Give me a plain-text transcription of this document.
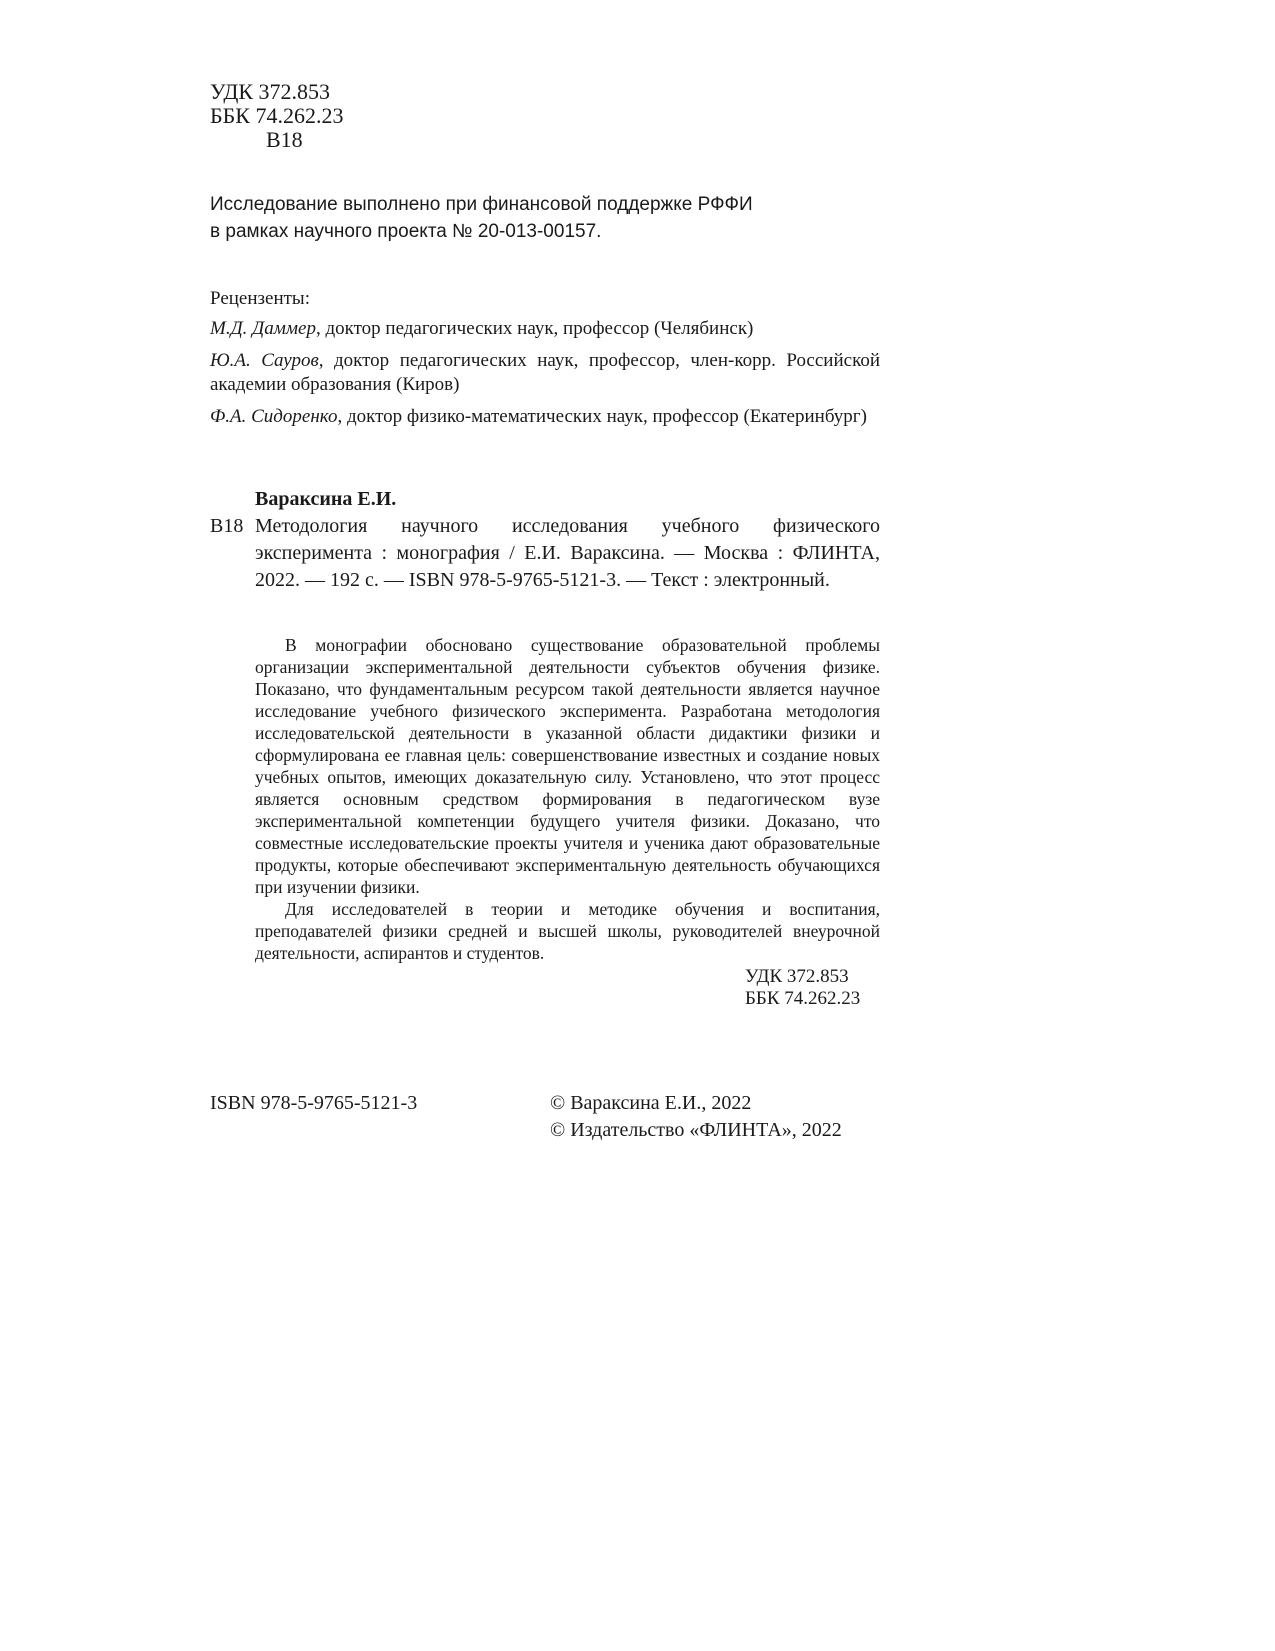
УДК 372.853
ББК 74.262.23
В18
Исследование выполнено при финансовой поддержке РФФИ
в рамках научного проекта № 20-013-00157.
Рецензенты:
М.Д. Даммер, доктор педагогических наук, профессор (Челябинск)
Ю.А. Сауров, доктор педагогических наук, профессор, член-корр. Российской академии образования (Киров)
Ф.А. Сидоренко, доктор физико-математических наук, профессор (Екатеринбург)
Вараксина Е.И.
В18 Методология научного исследования учебного физического эксперимента : монография / Е.И. Вараксина. — Москва : ФЛИНТА, 2022. — 192 с. — ISBN 978-5-9765-5121-3. — Текст : электронный.

В монографии обосновано существование образовательной проблемы организации экспериментальной деятельности субъектов обучения физике. Показано, что фундаментальным ресурсом такой деятельности является научное исследование учебного физического эксперимента. Разработана методология исследовательской деятельности в указанной области дидактики физики и сформулирована ее главная цель: совершенствование известных и создание новых учебных опытов, имеющих доказательную силу. Установлено, что этот процесс является основным средством формирования в педагогическом вузе экспериментальной компетенции будущего учителя физики. Доказано, что совместные исследовательские проекты учителя и ученика дают образовательные продукты, которые обеспечивают экспериментальную деятельность обучающихся при изучении физики.

Для исследователей в теории и методике обучения и воспитания, преподавателей физики средней и высшей школы, руководителей внеурочной деятельности, аспирантов и студентов.

УДК 372.853
ББК 74.262.23
ISBN 978-5-9765-5121-3	© Вараксина Е.И., 2022
© Издательство «ФЛИНТА», 2022
